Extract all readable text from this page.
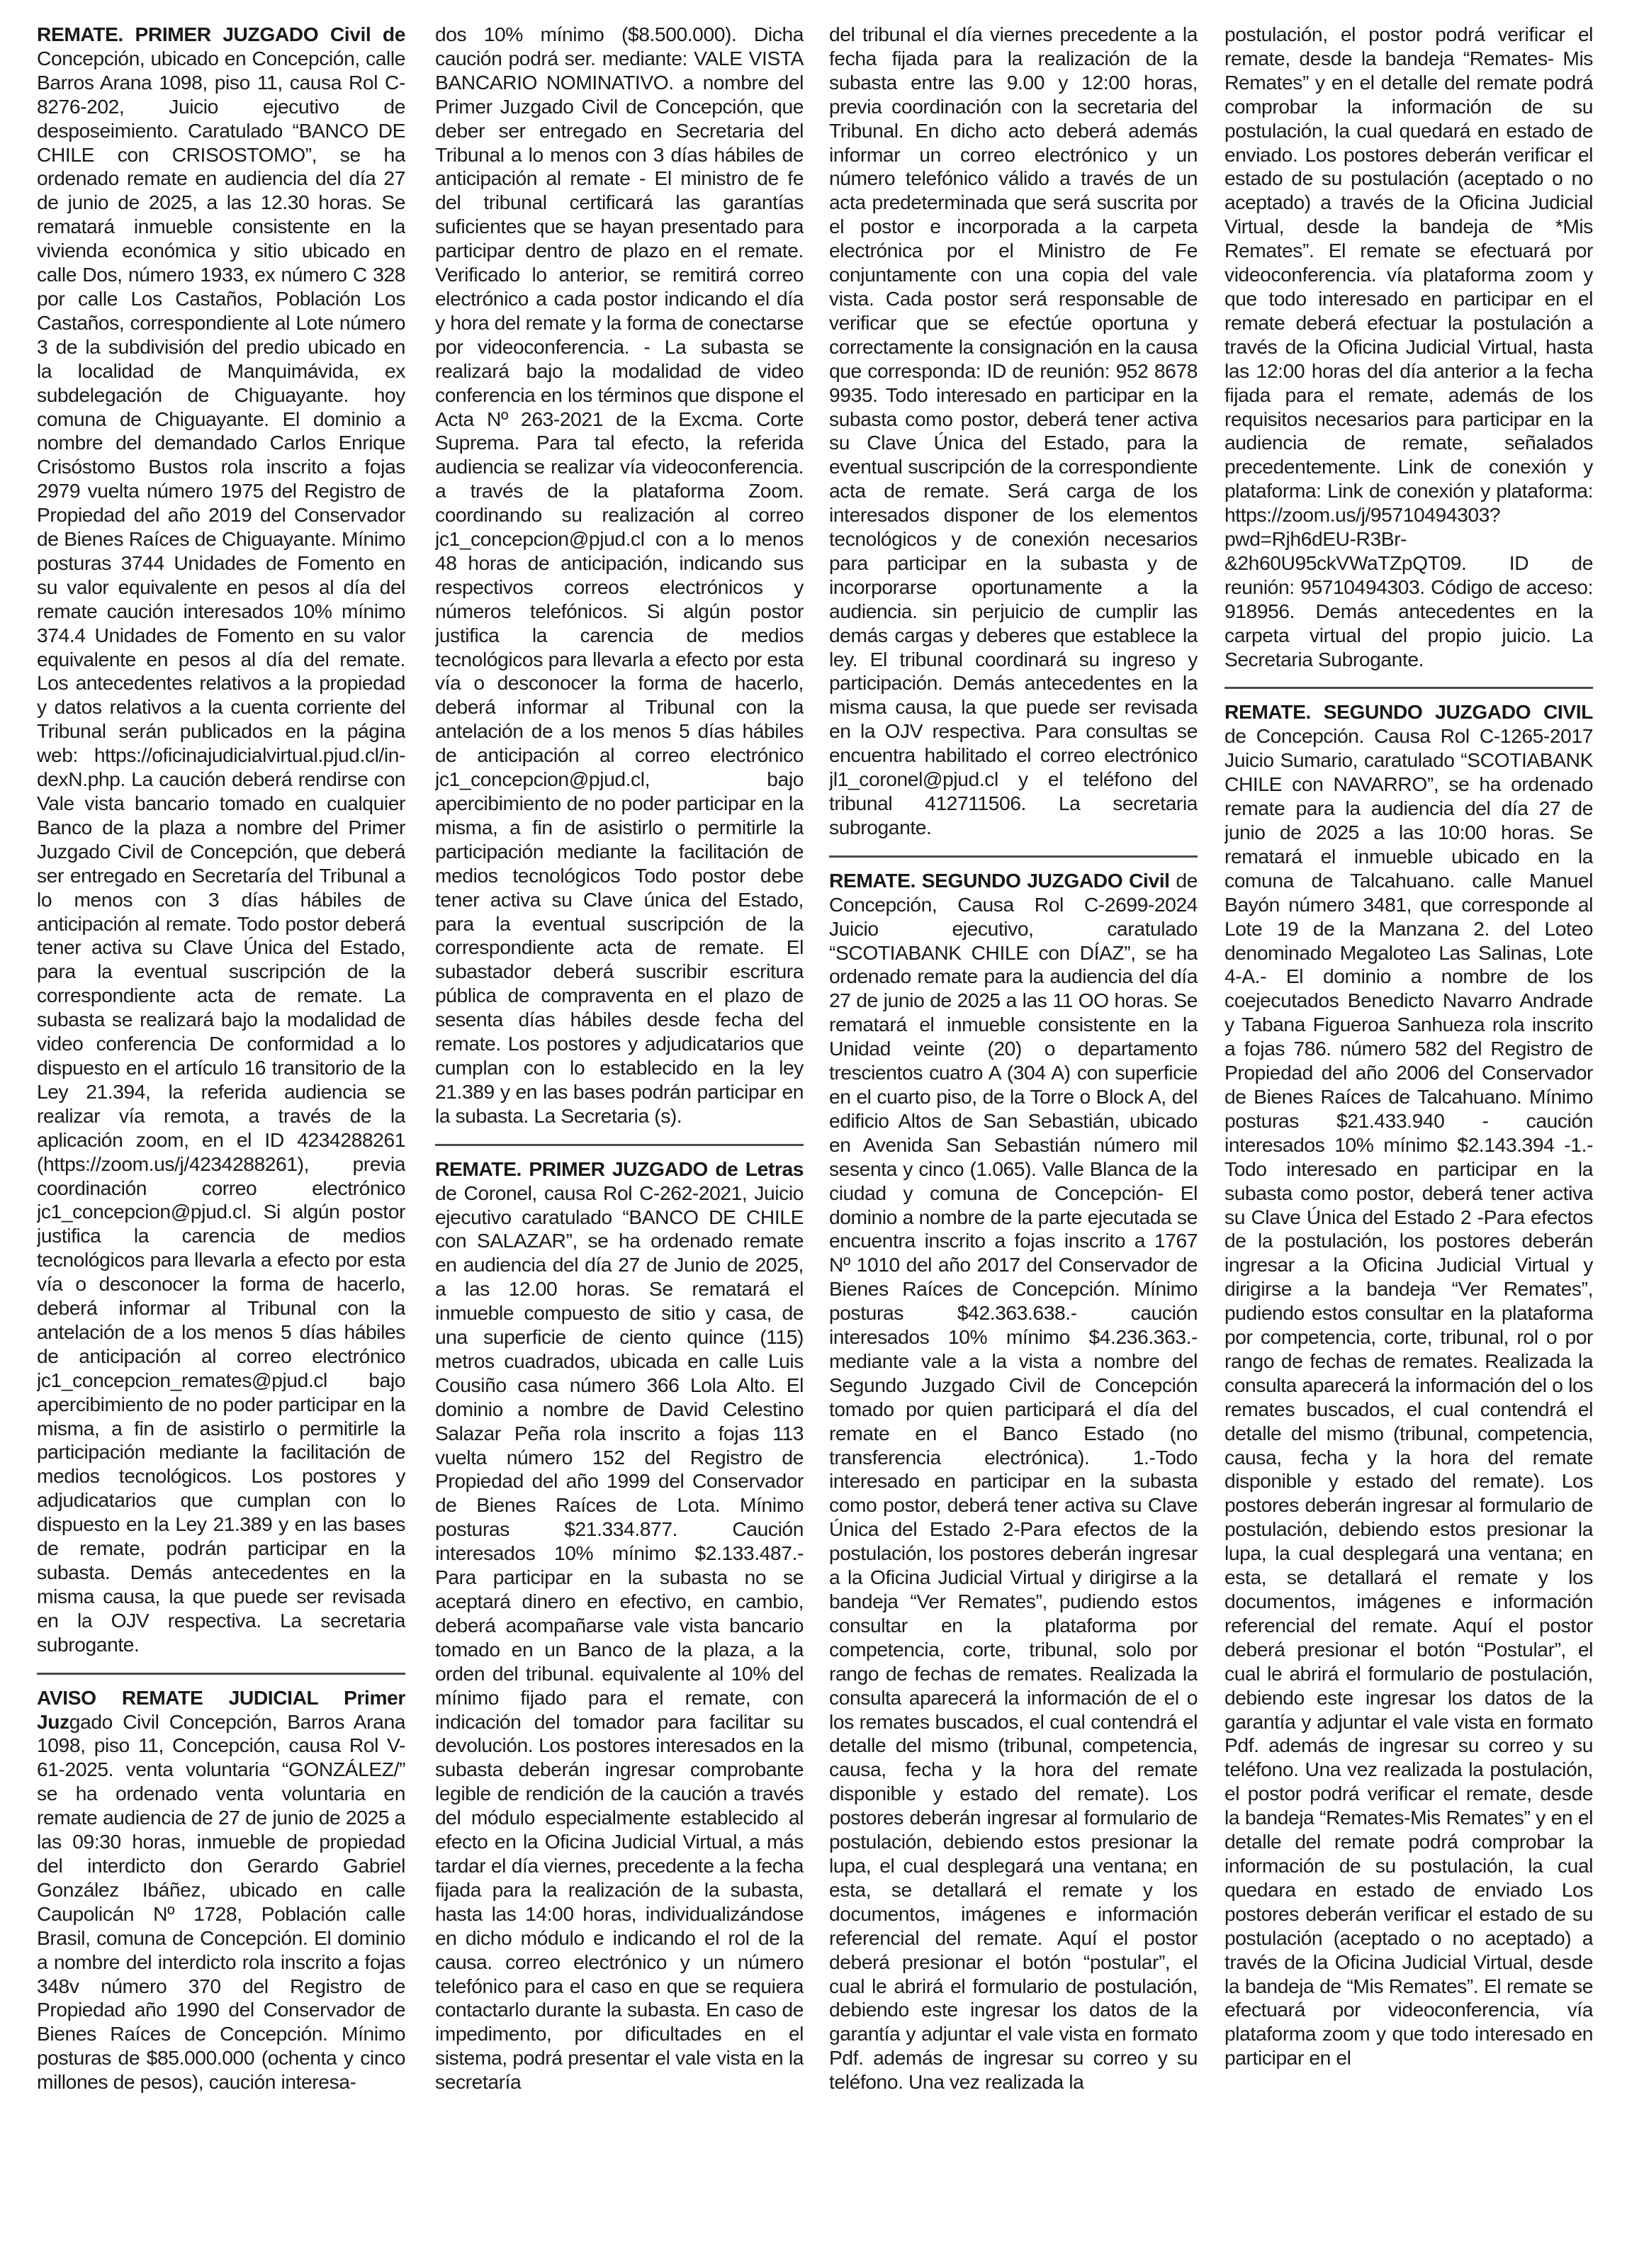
REMATE. PRIMER JUZGADO Civil de Concepción, ubicado en Concepción, calle Barros Arana 1098, piso 11, causa Rol C-8276-202, Juicio ejecutivo de desposeimiento. Caratulado “BANCO DE CHILE con CRISOSTOMO”, se ha ordenado remate en audiencia del día 27 de junio de 2025, a las 12.30 horas. Se rematará inmueble consistente en la vivienda económica y sitio ubicado en calle Dos, número 1933, ex número C 328 por calle Los Castaños, Población Los Castaños, correspondiente al Lote número 3 de la subdivisión del predio ubicado en la localidad de Manquimávida, ex subdelegación de Chiguayante. hoy comuna de Chiguayante. El dominio a nombre del demandado Carlos Enrique Crisóstomo Bustos rola inscrito a fojas 2979 vuelta número 1975 del Registro de Propiedad del año 2019 del Conservador de Bienes Raíces de Chiguayante. Mínimo posturas 3744 Unidades de Fomento en su valor equivalente en pesos al día del remate caución interesados 10% mínimo 374.4 Unidades de Fomento en su valor equivalente en pesos al día del remate. Los antecedentes relativos a la propiedad y datos relativos a la cuenta corriente del Tribunal serán publicados en la página web: https://oficinajudicialvirtual.pjud.cl/in-dexN.php. La caución deberá rendirse con Vale vista bancario tomado en cualquier Banco de la plaza a nombre del Primer Juzgado Civil de Concepción, que deberá ser entregado en Secretaría del Tribunal a lo menos con 3 días hábiles de anticipación al remate. Todo postor deberá tener activa su Clave Única del Estado, para la eventual suscripción de la correspondiente acta de remate. La subasta se realizará bajo la modalidad de video conferencia De conformidad a lo dispuesto en el artículo 16 transitorio de la Ley 21.394, la referida audiencia se realizar vía remota, a través de la aplicación zoom, en el ID 4234288261 (https://zoom.us/j/4234288261), previa coordinación correo electrónico jc1_concepcion@pjud.cl. Si algún postor justifica la carencia de medios tecnológicos para llevarla a efecto por esta vía o desconocer la forma de hacerlo, deberá informar al Tribunal con la antelación de a los menos 5 días hábiles de anticipación al correo electrónico jc1_concepcion_remates@pjud.cl bajo apercibimiento de no poder participar en la misma, a fin de asistirlo o permitirle la participación mediante la facilitación de medios tecnológicos. Los postores y adjudicatarios que cumplan con lo dispuesto en la Ley 21.389 y en las bases de remate, podrán participar en la subasta. Demás antecedentes en la misma causa, la que puede ser revisada en la OJV respectiva. La secretaria subrogante.

AVISO REMATE JUDICIAL Primer Juzgado Civil Concepción, Barros Arana 1098, piso 11, Concepción, causa Rol V-61-2025. venta voluntaria “GONZÁLEZ/” se ha ordenado venta voluntaria en remate audiencia de 27 de junio de 2025 a las 09:30 horas, inmueble de propiedad del interdicto don Gerardo Gabriel González Ibáñez, ubicado en calle Caupolicán Nº 1728, Población calle Brasil, comuna de Concepción. El dominio a nombre del interdicto rola inscrito a fojas 348v número 370 del Registro de Propiedad año 1990 del Conservador de Bienes Raíces de Concepción. Mínimo posturas de $85.000.000 (ochenta y cinco millones de pesos), caución interesa-

dos 10% mínimo ($8.500.000). Dicha caución podrá ser. mediante: VALE VISTA BANCARIO NOMINATIVO. a nombre del Primer Juzgado Civil de Concepción, que deber ser entregado en Secretaria del Tribunal a lo menos con 3 días hábiles de anticipación al remate - El ministro de fe del tribunal certificará las garantías suficientes que se hayan presentado para participar dentro de plazo en el remate. Verificado lo anterior, se remitirá correo electrónico a cada postor indicando el día y hora del remate y la forma de conectarse por videoconferencia. - La subasta se realizará bajo la modalidad de video conferencia en los términos que dispone el Acta Nº 263-2021 de la Excma. Corte Suprema. Para tal efecto, la referida audiencia se realizar vía videoconferencia. a través de la plataforma Zoom. coordinando su realización al correo jc1_concepcion@pjud.cl con a lo menos 48 horas de anticipación, indicando sus respectivos correos electrónicos y números telefónicos. Si algún postor justifica la carencia de medios tecnológicos para llevarla a efecto por esta vía o desconocer la forma de hacerlo, deberá informar al Tribunal con la antelación de a los menos 5 días hábiles de anticipación al correo electrónico jc1_concepcion@pjud.cl, bajo apercibimiento de no poder participar en la misma, a fin de asistirlo o permitirle la participación mediante la facilitación de medios tecnológicos Todo postor debe tener activa su Clave única del Estado, para la eventual suscripción de la correspondiente acta de remate. El subastador deberá suscribir escritura pública de compraventa en el plazo de sesenta días hábiles desde fecha del remate. Los postores y adjudicatarios que cumplan con lo establecido en la ley 21.389 y en las bases podrán participar en la subasta. La Secretaria (s).

REMATE. PRIMER JUZGADO de Letras de Coronel, causa Rol C-262-2021, Juicio ejecutivo caratulado “BANCO DE CHILE con SALAZAR”, se ha ordenado remate en audiencia del día 27 de Junio de 2025, a las 12.00 horas. Se rematará el inmueble compuesto de sitio y casa, de una superficie de ciento quince (115) metros cuadrados, ubicada en calle Luis Cousiño casa número 366 Lola Alto. El dominio a nombre de David Celestino Salazar Peña rola inscrito a fojas 113 vuelta número 152 del Registro de Propiedad del año 1999 del Conservador de Bienes Raíces de Lota. Mínimo posturas $21.334.877. Caución interesados 10% mínimo $2.133.487.- Para participar en la subasta no se aceptará dinero en efectivo, en cambio, deberá acompañarse vale vista bancario tomado en un Banco de la plaza, a la orden del tribunal. equivalente al 10% del mínimo fijado para el remate, con indicación del tomador para facilitar su devolución. Los postores interesados en la subasta deberán ingresar comprobante legible de rendición de la caución a través del módulo especialmente establecido al efecto en la Oficina Judicial Virtual, a más tardar el día viernes, precedente a la fecha fijada para la realización de la subasta, hasta las 14:00 horas, individualizándose en dicho módulo e indicando el rol de la causa. correo electrónico y un número telefónico para el caso en que se requiera contactarlo durante la subasta. En caso de impedimento, por dificultades en el sistema, podrá presentar el vale vista en la secretaría

del tribunal el día viernes precedente a la fecha fijada para la realización de la subasta entre las 9.00 y 12:00 horas, previa coordinación con la secretaria del Tribunal. En dicho acto deberá además informar un correo electrónico y un número telefónico válido a través de un acta predeterminada que será suscrita por el postor e incorporada a la carpeta electrónica por el Ministro de Fe conjuntamente con una copia del vale vista. Cada postor será responsable de verificar que se efectúe oportuna y correctamente la consignación en la causa que corresponda: ID de reunión: 952 8678 9935. Todo interesado en participar en la subasta como postor, deberá tener activa su Clave Única del Estado, para la eventual suscripción de la correspondiente acta de remate. Será carga de los interesados disponer de los elementos tecnológicos y de conexión necesarios para participar en la subasta y de incorporarse oportunamente a la audiencia. sin perjuicio de cumplir las demás cargas y deberes que establece la ley. El tribunal coordinará su ingreso y participación. Demás antecedentes en la misma causa, la que puede ser revisada en la OJV respectiva. Para consultas se encuentra habilitado el correo electrónico jl1_coronel@pjud.cl y el teléfono del tribunal 412711506. La secretaria subrogante.

REMATE. SEGUNDO JUZGADO Civil de Concepción, Causa Rol C-2699-2024 Juicio ejecutivo, caratulado “SCOTIABANK CHILE con DÍAZ”, se ha ordenado remate para la audiencia del día 27 de junio de 2025 a las 11 OO horas. Se rematará el inmueble consistente en la Unidad veinte (20) o departamento trescientos cuatro A (304 A) con superficie en el cuarto piso, de la Torre o Block A, del edificio Altos de San Sebastián, ubicado en Avenida San Sebastián número mil sesenta y cinco (1.065). Valle Blanca de la ciudad y comuna de Concepción- El dominio a nombre de la parte ejecutada se encuentra inscrito a fojas inscrito a 1767 Nº 1010 del año 2017 del Conservador de Bienes Raíces de Concepción. Mínimo posturas $42.363.638.- caución interesados 10% mínimo $4.236.363.-mediante vale a la vista a nombre del Segundo Juzgado Civil de Concepción tomado por quien participará el día del remate en el Banco Estado (no transferencia electrónica). 1.-Todo interesado en participar en la subasta como postor, deberá tener activa su Clave Única del Estado 2-Para efectos de la postulación, los postores deberán ingresar a la Oficina Judicial Virtual y dirigirse a la bandeja “Ver Remates”, pudiendo estos consultar en la plataforma por competencia, corte, tribunal, solo por rango de fechas de remates. Realizada la consulta aparecerá la información de el o los remates buscados, el cual contendrá el detalle del mismo (tribunal, competencia, causa, fecha y la hora del remate disponible y estado del remate). Los postores deberán ingresar al formulario de postulación, debiendo estos presionar la lupa, el cual desplegará una ventana; en esta, se detallará el remate y los documentos, imágenes e información referencial del remate. Aquí el postor deberá presionar el botón “postular”, el cual le abrirá el formulario de postulación, debiendo este ingresar los datos de la garantía y adjuntar el vale vista en formato Pdf. además de ingresar su correo y su teléfono. Una vez realizada la

postulación, el postor podrá verificar el remate, desde la bandeja “Remates- Mis Remates” y en el detalle del remate podrá comprobar la información de su postulación, la cual quedará en estado de enviado. Los postores deberán verificar el estado de su postulación (aceptado o no aceptado) a través de la Oficina Judicial Virtual, desde la bandeja de *Mis Remates”. El remate se efectuará por videoconferencia. vía plataforma zoom y que todo interesado en participar en el remate deberá efectuar la postulación a través de la Oficina Judicial Virtual, hasta las 12:00 horas del día anterior a la fecha fijada para el remate, además de los requisitos necesarios para participar en la audiencia de remate, señalados precedentemente. Link de conexión y plataforma: Link de conexión y plataforma: https://zoom.us/j/95710494303?pwd=Rjh6dEU-R3Br-&2h60U95ckVWaTZpQT09. ID de reunión: 95710494303. Código de acceso: 918956. Demás antecedentes en la carpeta virtual del propio juicio. La Secretaria Subrogante.

REMATE. SEGUNDO JUZGADO CIVIL de Concepción. Causa Rol C-1265-2017 Juicio Sumario, caratulado “SCOTIABANK CHILE con NAVARRO”, se ha ordenado remate para la audiencia del día 27 de junio de 2025 a las 10:00 horas. Se rematará el inmueble ubicado en la comuna de Talcahuano. calle Manuel Bayón número 3481, que corresponde al Lote 19 de la Manzana 2. del Loteo denominado Megaloteo Las Salinas, Lote 4-A.- El dominio a nombre de los coejecutados Benedicto Navarro Andrade y Tabana Figueroa Sanhueza rola inscrito a fojas 786. número 582 del Registro de Propiedad del año 2006 del Conservador de Bienes Raíces de Talcahuano. Mínimo posturas $21.433.940 - caución interesados 10% mínimo $2.143.394 -1.- Todo interesado en participar en la subasta como postor, deberá tener activa su Clave Única del Estado 2 -Para efectos de la postulación, los postores deberán ingresar a la Oficina Judicial Virtual y dirigirse a la bandeja “Ver Remates”, pudiendo estos consultar en la plataforma por competencia, corte, tribunal, rol o por rango de fechas de remates. Realizada la consulta aparecerá la información del o los remates buscados, el cual contendrá el detalle del mismo (tribunal, competencia, causa, fecha y la hora del remate disponible y estado del remate). Los postores deberán ingresar al formulario de postulación, debiendo estos presionar la lupa, la cual desplegará una ventana; en esta, se detallará el remate y los documentos, imágenes e información referencial del remate. Aquí el postor deberá presionar el botón “Postular”, el cual le abrirá el formulario de postulación, debiendo este ingresar los datos de la garantía y adjuntar el vale vista en formato Pdf. además de ingresar su correo y su teléfono. Una vez realizada la postulación, el postor podrá verificar el remate, desde la bandeja “Remates-Mis Remates” y en el detalle del remate podrá comprobar la información de su postulación, la cual quedara en estado de enviado Los postores deberán verificar el estado de su postulación (aceptado o no aceptado) a través de la Oficina Judicial Virtual, desde la bandeja de “Mis Remates”. El remate se efectuará por videoconferencia, vía plataforma zoom y que todo interesado en participar en el
